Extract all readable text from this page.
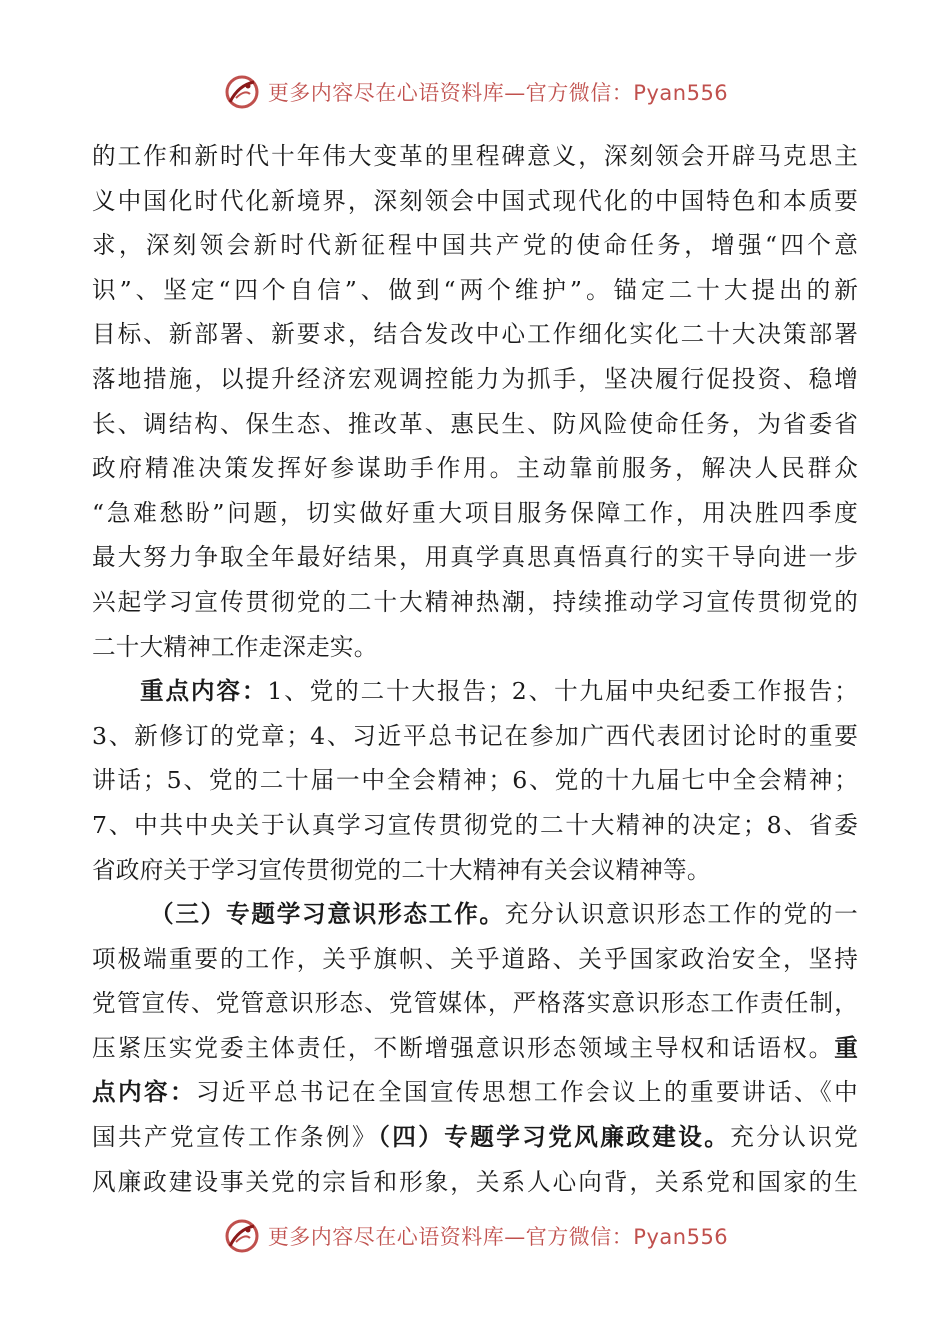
更多内容尽在心语资料库—官方微信：Pyan556
的工作和新时代十年伟大变革的里程碑意义，深刻领会开辟马克思主
义中国化时代化新境界，深刻领会中国式现代化的中国特色和本质要
求，深刻领会新时代新征程中国共产党的使命任务，增强“四个意
识”、坚定“四个自信”、做到“两个维护”。锚定二十大提出的新
目标、新部署、新要求，结合发改中心工作细化实化二十大决策部署
落地措施，以提升经济宏观调控能力为抓手，坚决履行促投资、稳增
长、调结构、保生态、推改革、惠民生、防风险使命任务，为省委省
政府精准决策发挥好参谋助手作用。主动靠前服务，解决人民群众
“急难愁盼”问题，切实做好重大项目服务保障工作，用决胜四季度
最大努力争取全年最好结果，用真学真思真悟真行的实干导向进一步
兴起学习宣传贯彻党的二十大精神热潮，持续推动学习宣传贯彻党的
二十大精神工作走深走实。
重点内容：1、党的二十大报告；2、十九届中央纪委工作报告；
3、新修订的党章；4、习近平总书记在参加广西代表团讨论时的重要
讲话；5、党的二十届一中全会精神；6、党的十九届七中全会精神；
7、中共中央关于认真学习宣传贯彻党的二十大精神的决定；8、省委
省政府关于学习宣传贯彻党的二十大精神有关会议精神等。
（三）专题学习意识形态工作。充分认识意识形态工作的党的一
项极端重要的工作，关乎旗帜、关乎道路、关乎国家政治安全，坚持
党管宣传、党管意识形态、党管媒体，严格落实意识形态工作责任制，
压紧压实党委主体责任，不断增强意识形态领域主导权和话语权。重
点内容：习近平总书记在全国宣传思想工作会议上的重要讲话、《中
国共产党宣传工作条例》（四）专题学习党风廉政建设。充分认识党
风廉政建设事关党的宗旨和形象，关系人心向背，关系党和国家的生
更多内容尽在心语资料库—官方微信：Pyan556
